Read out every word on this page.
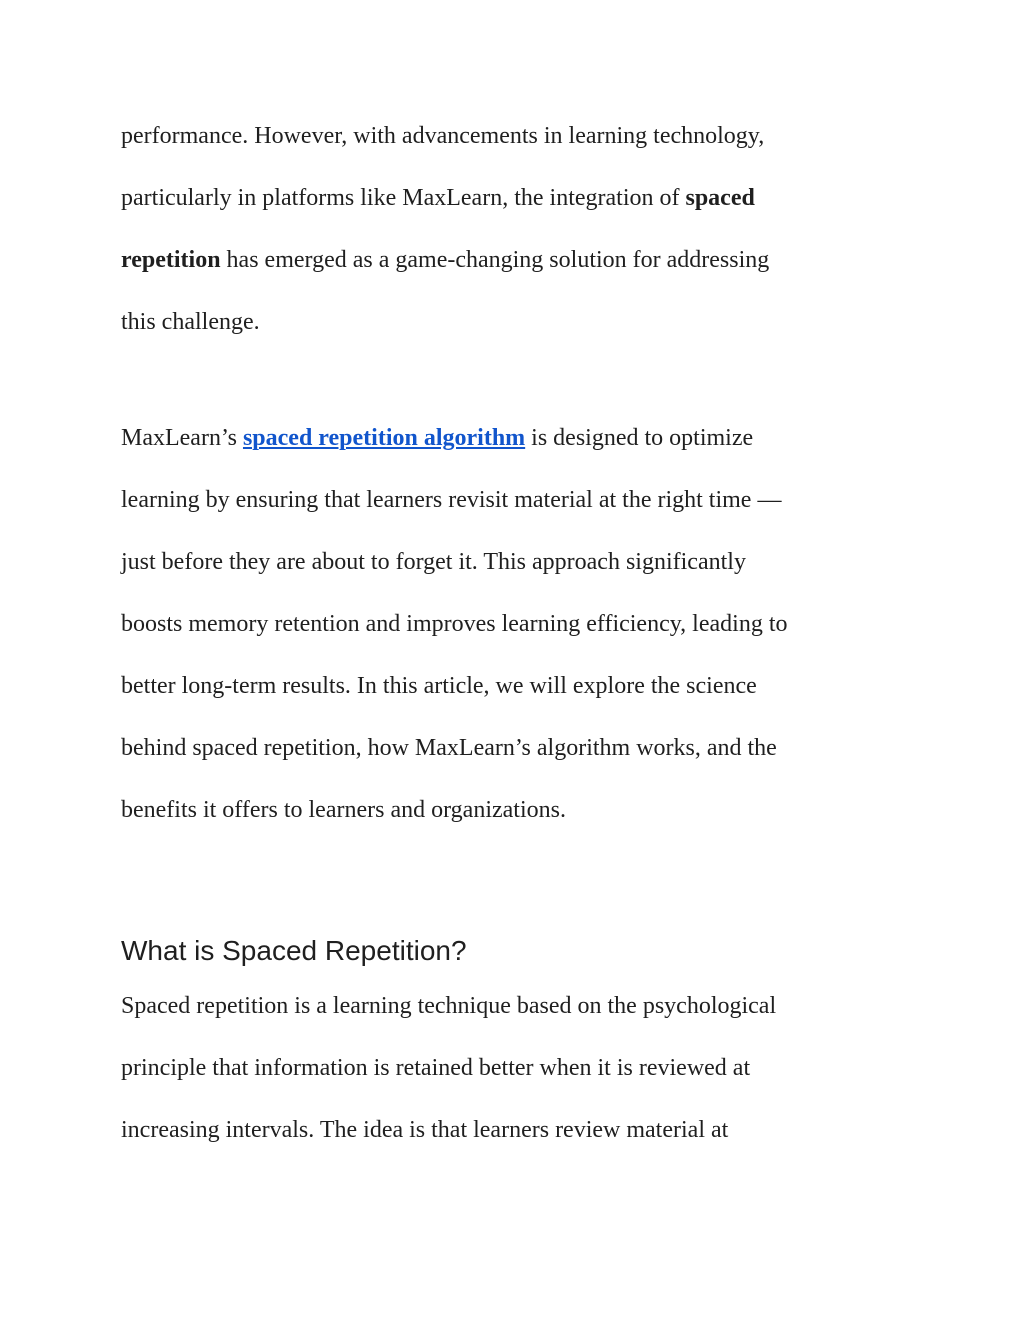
performance. However, with advancements in learning technology,

particularly in platforms like MaxLearn, the integration of spaced

repetition has emerged as a game-changing solution for addressing

this challenge.

MaxLearn’s spaced repetition algorithm is designed to optimize

learning by ensuring that learners revisit material at the right time —

just before they are about to forget it. This approach significantly

boosts memory retention and improves learning efficiency, leading to

better long-term results. In this article, we will explore the science

behind spaced repetition, how MaxLearn’s algorithm works, and the

benefits it offers to learners and organizations.

What is Spaced Repetition?

Spaced repetition is a learning technique based on the psychological

principle that information is retained better when it is reviewed at

increasing intervals. The idea is that learners review material at
